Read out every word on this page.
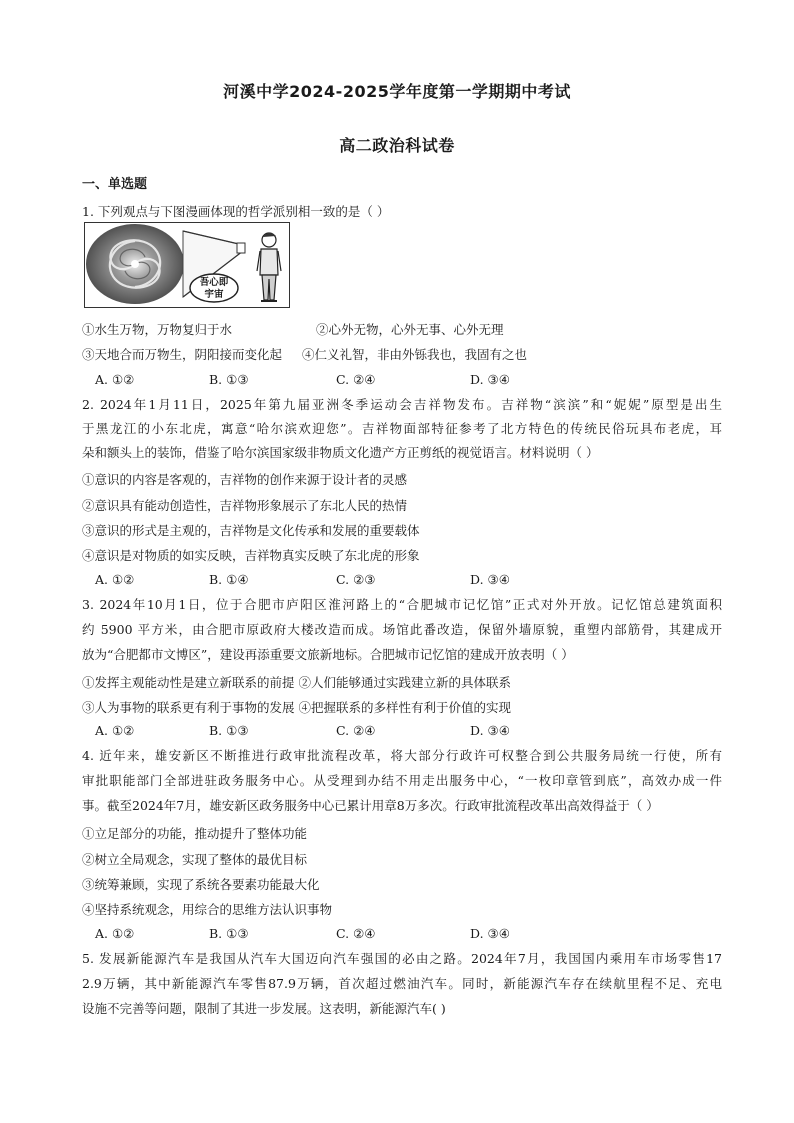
河溪中学2024-2025学年度第一学期期中考试
高二政治科试卷
一、单选题
1. 下列观点与下图漫画体现的哲学派别相一致的是（ ）
吾心即
宇宙
①水生万物，万物复归于水	②心外无物，心外无事、心外无理
③天地合而万物生，阴阳接而变化起 ④仁义礼智，非由外铄我也，我固有之也
A. ①②	B. ①③	C. ②④	D. ③④
2. 2024年1月11日，2025年第九届亚洲冬季运动会吉祥物发布。吉祥物“滨滨”和“妮妮”原型是出生
于黑龙江的小东北虎，寓意“哈尔滨欢迎您”。吉祥物面部特征参考了北方特色的传统民俗玩具布老虎，耳
朵和额头上的装饰，借鉴了哈尔滨国家级非物质文化遗产方正剪纸的视觉语言。材料说明（ ）
①意识的内容是客观的，吉祥物的创作来源于设计者的灵感
②意识具有能动创造性，吉祥物形象展示了东北人民的热情
③意识的形式是主观的，吉祥物是文化传承和发展的重要载体
④意识是对物质的如实反映，吉祥物真实反映了东北虎的形象
A. ①②	B. ①④	C. ②③	D. ③④
3. 2024年10月1日，位于合肥市庐阳区淮河路上的“合肥城市记忆馆”正式对外开放。记忆馆总建筑面积
约 5900 平方米，由合肥市原政府大楼改造而成。场馆此番改造，保留外墙原貌，重塑内部筋骨，其建成开
放为“合肥都市文博区”，建设再添重要文旅新地标。合肥城市记忆馆的建成开放表明（ ）
①发挥主观能动性是建立新联系的前提 ②人们能够通过实践建立新的具体联系
③人为事物的联系更有利于事物的发展 ④把握联系的多样性有利于价值的实现
A. ①②	B. ①③	C. ②④	D. ③④
4. 近年来，雄安新区不断推进行政审批流程改革，将大部分行政许可权整合到公共服务局统一行使，所有
审批职能部门全部进驻政务服务中心。从受理到办结不用走出服务中心，“一枚印章管到底”，高效办成一件
事。截至2024年7月，雄安新区政务服务中心已累计用章8万多次。行政审批流程改革出高效得益于（ ）
①立足部分的功能，推动提升了整体功能
②树立全局观念，实现了整体的最优目标
③统筹兼顾，实现了系统各要素功能最大化
④坚持系统观念，用综合的思维方法认识事物
A. ①②	B. ①③	C. ②④	D. ③④
5. 发展新能源汽车是我国从汽车大国迈向汽车强国的必由之路。2024年7月，我国国内乘用车市场零售17
2.9万辆，其中新能源汽车零售87.9万辆，首次超过燃油汽车。同时，新能源汽车存在续航里程不足、充电
设施不完善等问题，限制了其进一步发展。这表明，新能源汽车( )
